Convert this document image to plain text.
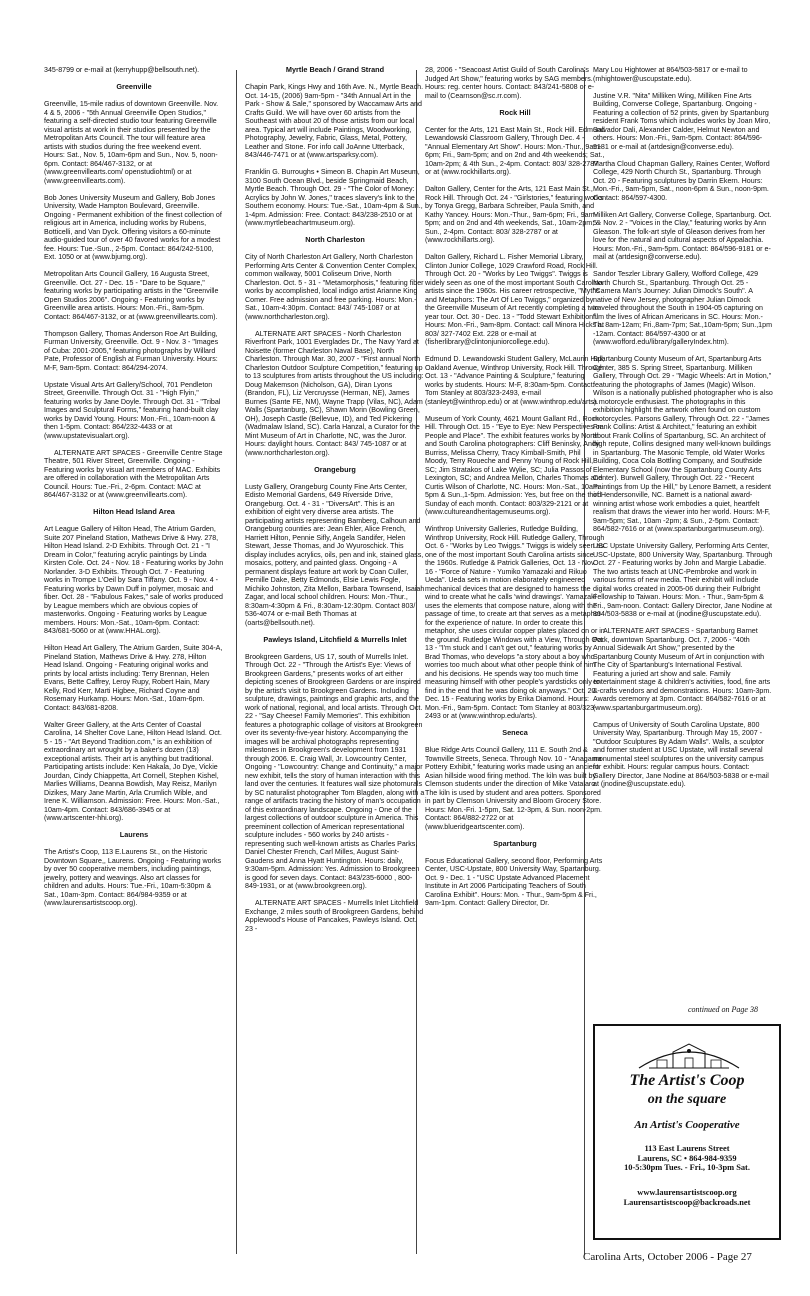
345-8799 or e-mail at (kerryhupp@bellsouth.net).

Greenville

Greenville, 15-mile radius of downtown Greenville. Nov. 4 & 5, 2006 - "5th Annual Greenville Open Studios," featuring a self-directed studio tour featuring Greenville visual artists at work in their studios presented by the Metropolitan Arts Council. The tour will feature area artists with studios during the free weekend event. Hours: Sat., Nov. 5, 10am-6pm and Sun., Nov. 5, noon-6pm. Contact: 864/467-3132, or at (www.greenvillearts.com/ openstudiohtml) or at (www.greenvillearts.com).

Bob Jones University Museum and Gallery, Bob Jones University, Wade Hampton Boulevard, Greenville. Ongoing - Permanent exhibition of the finest collection of religious art in America, including works by Rubens, Botticelli, and Van Dyck. Offering visitors a 60-minute audio-guided tour of over 40 favored works for a modest fee. Hours: Tue.-Sun., 2-5pm. Contact: 864/242-5100, Ext. 1050 or at (www.bjumg.org).

Metropolitan Arts Council Gallery, 16 Augusta Street, Greenville. Oct. 27 - Dec. 15 - "Dare to be Square," featuring works by participating artists in the "Greenville Open Studios 2006". Ongoing - Featuring works by Greenville area artists. Hours: Mon.-Fri., 8am-5pm. Contact: 864/467-3132, or at (www.greenvillearts.com).

Thompson Gallery, Thomas Anderson Roe Art Building, Furman University, Greenville. Oct. 9 - Nov. 3 - "Images of Cuba: 2001-2005," featuring photographs by Willard Pate, Professor of English at Furman University. Hours: M-F, 9am-5pm. Contact: 864/294-2074.

Upstate Visual Arts Art Gallery/School, 701 Pendleton Street, Greenville. Through Oct. 31 - "High Flyin," featuring works by Jane Doyle. Through Oct. 31 - "Tribal Images and Sculptural Forms," featuring hand-built clay works by David Young. Hours: Mon.-Fri., 10am-noon & then 1-5pm. Contact: 864/232-4433 or at (www.upstatevisualart.org).

ALTERNATE ART SPACES - Greenville Centre Stage Theatre, 501 River Street, Greenville. Ongoing - Featuring works by visual art members of MAC. Exhibits are offered in collaboration with the Metropolitan Arts Council. Hours: Tue.-Fri., 2-6pm. Contact: MAC at 864/467-3132 or at (www.greenvillearts.com).

Hilton Head Island Area

Art League Gallery of Hilton Head, The Atrium Garden, Suite 207 Pineland Station, Mathews Drive & Hwy. 278, Hilton Head Island. 2-D Exhibits. Through Oct. 21 - "I Dream in Color," featuring acrylic paintings by Linda Kirsten Cole. Oct. 24 - Nov. 18 - Featuring works by John Norlander. 3-D Exhibits. Through Oct. 7 - Featuring works in Trompe L'Oeil by Sara Tiffany. Oct. 9 - Nov. 4 - Featuring works by Dawn Duff in polymer, mosaic and fiber. Oct. 28 - "Fabulous Fakes," sale of works produced by League members which are obvious copies of masterworks. Ongoing - Featuring works by League members. Hours: Mon.-Sat., 10am-6pm. Contact: 843/681-5060 or at (www.HHAL.org).

Hilton Head Art Gallery, The Atrium Garden, Suite 304-A, Pineland Station, Mathews Drive & Hwy. 278, Hilton Head Island. Ongoing - Featuring original works and prints by local artists including: Terry Brennan, Helen Evans, Bette Caffrey, Leroy Rupy, Robert Hain, Mary Kelly, Rod Kerr, Marti Higbee, Richard Coyne and Rosemary Hurkamp. Hours: Mon.-Sat., 10am-6pm. Contact: 843/681-8208.

Walter Greer Gallery, at the Arts Center of Coastal Carolina, 14 Shelter Cove Lane, Hilton Head Island. Oct. 5 - 15 - "Art Beyond Tradition.com," is an exhibition of extraordinary art wrought by a baker's dozen (13) exceptional artists. Their art is anything but traditional. Participating artists include: Ken Hakala, Jo Dye, Vickie Jourdan, Cindy Chiappetta, Art Cornell, Stephen Kishel, Marlies Williams, Deanna Bowdish, May Reisz, Marilyn Dizikes, Mary Jane Martin, Arla Crumlich Wible, and Irene K. Williamson. Admission: Free. Hours: Mon.-Sat., 10am-4pm. Contact: 843/686-3945 or at (www.artscenter-hhi.org).

Laurens

The Artist's Coop, 113 E.Laurens St., on the Historic Downtown Square,, Laurens. Ongoing - Featuring works by over 50 cooperative members, including paintings, jewelry, pottery and weavings. Also art classes for children and adults. Hours: Tue.-Fri., 10am-5:30pm & Sat., 10am-3pm. Contact: 864/984-9359 or at (www.laurensartistscoop.org).

Myrtle Beach / Grand Strand

Chapin Park, Kings Hwy and 16th Ave. N., Myrtle Beach. Oct. 14-15, (2006) 9am-5pm - "34th Annual Art in the Park - Show & Sale," sponsored by Waccamaw Arts and Crafts Guild. We will have over 60 artists from the Southeast with about 20 of those artists from our local area. Typical art will include Paintings, Woodworking, Photography, Jewelry, Fabric, Glass, Metal, Pottery, Leather and Stone. For info call JoAnne Utterback, 843/446-7471 or at (www.artsparksy.com).

Franklin G. Burroughs • Simeon B. Chapin Art Museum, 3100 South Ocean Blvd., beside Springmaid Beach, Myrtle Beach. Through Oct. 29 - "The Color of Money: Acrylics by John W. Jones," traces slavery's link to the Southern economy. Hours: Tue.-Sat., 10am-4pm & Sun., 1-4pm. Admission: Free. Contact: 843/238-2510 or at (www.myrtlebeachartmuseum.org).

North Charleston

City of North Charleston Art Gallery, North Charleston Performing Arts Center & Convention Center Complex, common walkway, 5001 Coliseum Drive, North Charleston. Oct. 5 - 31 - "Metamorphosis," featuring fiber works by accomplished, local indigo artist Arianne King Comer. Free admission and free parking. Hours: Mon.-Sat., 10am-4:30pm. Contact: 843/ 745-1087 or at (www.northcharleston.org).

ALTERNATE ART SPACES - North Charleston Riverfront Park, 1001 Everglades Dr., The Navy Yard at Noisette (former Charleston Naval Base), North Charleston. Through Mar. 30, 2007 - "First annual North Charleston Outdoor Sculpture Competition," featuring up to 13 sculptures from artists throughout the US including: Doug Makemson (Nicholson, GA), Diran Lyons (Brandon, FL), Liz Vercruysse (Herman, NE), James Burnes (Sante FE, NM), Wayne Trapp (Vilas, NC), Adam Walls (Spartanburg, SC), Shawn Morin (Bowling Green, OH), Joseph Castle (Bellevue, ID), and Ted Pickering (Wadmalaw Island, SC). Carla Hanzal, a Curator for the Mint Museum of Art in Charlotte, NC, was the Juror. Hours: daylight hours. Contact: 843/ 745-1087 or at (www.northcharleston.org).

Orangeburg

Lusty Gallery, Orangeburg County Fine Arts Center, Edisto Memorial Gardens, 649 Riverside Drive, Orangeburg. Oct. 4 - 31 - "DiversArt". This is an exhibition of eight very diverse area artists. The participating artists representing Bamberg, Calhoun and Orangeburg counties are: Jean Ehler, Alice French, Harriett Hilton, Pennie Sifly, Angela Sandifer, Helen Stewart, Jesse Thomas, and Jo Wyuroschick. This display includes acrylics, oils, pen and ink, stained glass, mosaics, pottery, and painted glass. Ongoing - A permanent displays feature art work by Coan Culler, Pernille Dake, Betty Edmonds, Elsie Lewis Fogle, Michiko Johnston, Zita Mellon, Barbara Townsend, Isaiah Zagar, and local school children. Hours: Mon.-Thur., 8:30am-4:30pm & Fri., 8:30am-12:30pm. Contact 803/ 536-4074 or e-mail Beth Thomas at (oarts@bellsouth.net).

Pawleys Island, Litchfield & Murrells Inlet

Brookgreen Gardens, US 17, south of Murrells Inlet. Through Oct. 22 - "Through the Artist's Eye: Views of Brookgreen Gardens," presents works of art either depicting scenes of Brookgreen Gardens or are inspired by the artist's visit to Brookgreen Gardens. Including sculpture, drawings, paintings and graphic arts, and the work of national, regional, and local artists. Through Oct. 22 - "Say Cheese! Family Memories". This exhibition features a photographic collage of visitors at Brookgreen over its seventy-five-year history. Accompanying the images will be archival photographs representing milestones in Brookgreen's development from 1931 through 2006. E. Craig Wall, Jr. Lowcountry Center, Ongoing - "Lowcountry: Change and Continuity," a major new exhibit, tells the story of human interaction with this land over the centuries. It features wall size photomurals by SC naturalist photographer Tom Blagden, along with a range of artifacts tracing the history of man's occupation of this extraordinary landscape. Ongoing - One of the largest collections of outdoor sculpture in America. This preeminent collection of American representational sculpture includes - 560 works by 240 artists - representing such well-known artists as Charles Parks, Daniel Chester French, Carl Milles, August Saint-Gaudens and Anna Hyatt Huntington. Hours: daily, 9:30am-5pm. Admission: Yes. Admission to Brookgreen is good for seven days. Contact: 843/235-6000 , 800-849-1931, or at (www.brookgreen.org).

ALTERNATE ART SPACES - Murrells Inlet Litchfield Exchange, 2 miles south of Brookgreen Gardens, behind Applewood's House of Pancakes, Pawleys Island. Oct. 23 -

28, 2006 - "Seacoast Artist Guild of South Carolina's Judged Art Show," featuring works by SAG members. Hours: reg. center hours. Contact: 843/241-5808 or e-mail to (Cearnson@sc.rr.com).

Rock Hill

Center for the Arts, 121 East Main St., Rock Hill. Edmund Lewandowski Classroom Gallery, Through Dec. 4 - "Annual Elementary Art Show". Hours: Mon.-Thur., 9am-6pm; Fri., 9am-5pm; and on 2nd and 4th weekends; Sat., 10am-2pm; & 4th Sun., 2-4pm. Contact: 803/ 328-2787 or at (www.rockhillarts.org).

Dalton Gallery, Center for the Arts, 121 East Main St., Rock Hill. Through Oct. 24 - "Girlstories," featuring works by Tonya Gregg, Barbara Schreiber, Paula Smith, and Kathy Yancey. Hours: Mon.-Thur., 9am-6pm; Fri., 9am-5pm; and on 2nd and 4th weekends, Sat., 10am-2pm; & Sun., 2-4pm. Contact: 803/ 328-2787 or at (www.rockhillarts.org).

Dalton Gallery, Richard L. Fisher Memorial Library, Clinton Junior College, 1029 Crawford Road, Rock Hill. Through Oct. 20 - "Works by Leo Twiggs". Twiggs is widely seen as one of the most important South Carolina artists since the 1960s. His career retrospective, "Myths and Metaphors: The Art Of Leo Twiggs," organized by the Greenville Museum of Art recently completing a two-year tour. Oct. 30 - Dec. 13 - "Todd Stewart Exhibition". Hours: Mon.-Fri., 9am-8pm. Contact: call Minora Hicks at 803/ 327-7402 Ext. 228 or e-mail at (fisherlibrary@clintonjuniorcollege.edu).

Edmund D. Lewandowski Student Gallery, McLaurin Hall, Oakland Avenue, Winthrop University, Rock Hill. Through Oct. 13 - "Advance Painting & Sculpture," featuring works by students. Hours: M-F, 8:30am-5pm. Contact: Tom Stanley at 803/323-2493, e-mail (stanleyt@winthrop.edu) or at (www.winthrop.edu/arts).

Museum of York County, 4621 Mount Gallant Rd., Rock Hill. Through Oct. 15 - "Eye to Eye: New Perspectives on People and Place". The exhibit features works by North and South Carolina photographers: Cliff Beninsky, Andy Burriss, Melissa Cherry, Tracy Kimball-Smith, Phil Moody, Terry Roueche and Penny Young of Rock Hill, SC; Jim Stratakos of Lake Wylie, SC; Julia Passos of Lexington, SC; and Andrea Mellon, Charles Thomas and Curtis Wilson of Charlotte, NC. Hours: Mon.-Sat., 10am-5pm & Sun.,1-5pm. Admission: Yes, but free on the third Sunday of each month. Contact: 803/329-2121 or at (www.cultureandheritagemuseums.org).

Winthrop University Galleries, Rutledge Building, Winthrop University, Rock Hill. Rutledge Gallery, Through Oct. 6 - "Works by Leo Twiggs." Twiggs is widely seen as one of the most important South Carolina artists since the 1960s. Rutledge & Patrick Galleries, Oct. 13 - Nov. 16 - "Force of Nature - Yumiko Yamazaki and Rikuo Ueda". Ueda sets in motion elaborately engineered mechanical devices that are designed to harness the wind to create what he calls 'wind drawings'. Yamazaki uses the elements that compose nature, along with the passage of time, to create art that serves as a metaphor for the experience of nature. In order to create this metaphor, she uses circular copper plates placed on or in the ground. Rutledge Windows with a View, Through Oct. 13 - "I'm stuck and I can't get out," featuring works by Brad Thomas, who develops "a story about a boy who worries too much about what other people think of him and his decisions. He spends way too much time measuring himself with other people's yardsticks only to find in the end that he was doing ok anyways." Oct. 20 - Dec. 15 - Featuring works by Erika Diamond. Hours: Mon.-Fri., 9am-5pm. Contact: Tom Stanley at 803/323-2493 or at (www.winthrop.edu/arts).

Seneca

Blue Ridge Arts Council Gallery, 111 E. South 2nd & Townville Streets, Seneca. Through Nov. 10 - "Anagama Pottery Exhibit," featuring works made using an ancient Asian hillside wood firing method. The kiln was built by Clemson students under the direction of Mike Vatalaro. The kiln is used by student and area potters. Sponsored in part by Clemson University and Bloom Grocery Store. Hours: Mon.-Fri. 1-5pm, Sat. 12-3pm, & Sun. noon-2pm. Contact: 864/882-2722 or at (www.blueridgeartscenter.com).

Spartanburg

Focus Educational Gallery, second floor, Performing Arts Center, USC-Upstate, 800 University Way, Spartanburg. Oct. 9 - Dec. 1 - "USC Upstate Advanced Placement Institute in Art 2006 Participating Teachers of South Carolina Exhibit". Hours: Mon. - Thur., 9am-5pm & Fri., 9am-1pm. Contact: Gallery Director, Dr.

Mary Lou Hightower at 864/503-5817 or e-mail to (mhightower@uscupstate.edu).

Justine V.R. "Nita" Milliken Wing, Milliken Fine Arts Building, Converse College, Spartanburg. Ongoing - Featuring a collection of 52 prints, given by Spartanburg resident Frank Toms which includes works by Joan Miro, Salvador Dali, Alexander Calder, Helmut Newton and others. Hours: Mon.-Fri., 9am-5pm. Contact: 864/596-9181 or e-mail at (artdesign@converse.edu).

Martha Cloud Chapman Gallery, Raines Center, Wofford College, 429 North Church St., Spartanburg. Through Oct. 20 - Featuring sculptures by Darrin Ekern. Hours: Mon.-Fri., 9am-5pm, Sat., noon-6pm & Sun., noon-9pm. Contact: 864/597-4300.

Milliken Art Gallery, Converse College, Spartanburg. Oct. 5 - Nov. 2 - "Voices in the Clay," featuring works by Ann Gleason. The folk-art style of Gleason derives from her love for the natural and cultural aspects of Appalachia. Hours: Mon.-Fri., 9am-5pm. Contact: 864/596-9181 or e-mail at (artdesign@converse.edu).

Sandor Teszler Library Gallery, Wofford College, 429 North Church St., Spartanburg. Through Oct. 25 - "Camera Man's Journey: Julian Dimock's South". A native of New Jersey, photographer Julian Dimock traveled throughout the South in 1904-05 capturing on film the lives of African Americans in SC. Hours: Mon.-Th. 8am-12am; Fri.,8am-7pm; Sat.,10am-5pm; Sun.,1pm -12am. Contact: 864/597-4300 or at (www.wofford.edu/library/galleryIndex.htm).

Spartanburg County Museum of Art, Spartanburg Arts Center, 385 S. Spring Street, Spartanburg. Milliken Gallery, Through Oct. 29 - "Magic Wheels: Art in Motion," featuring the photographs of James (Magic) Wilson. Wilson is a nationally published photographer who is also a motorcycle enthusiast. The photographs in this exhibition highlight the artwork often found on custom motorcycles. Parsons Gallery, Through Oct. 22 - "James Frank Collins: Artist & Architect," featuring an exhibit about Frank Collins of Spartanburg, SC. An architect of high repute, Collins designed many well-known buildings in Spartanburg. The Masonic Temple, old Water Works Building, Coca Cola Bottling Company, and Southside Elementary School (now the Spartanburg County Arts Center). Burwell Gallery, Through Oct. 22 - "Recent Paintings from Up the Hill," by Lenore Barnett, a resident of Hendersonville, NC. Barnett is a national award-winning artist whose work embodies a quiet, heartfelt realism that draws the viewer into her world. Hours: M-F, 9am-5pm; Sat., 10am -2pm; & Sun., 2-5pm. Contact: 864/582-7616 or at (www.spartanburgartmuseum.org).

USC Upstate University Gallery, Performing Arts Center, USC-Upstate, 800 University Way, Spartanburg. Through Oct. 27 - Featuring works by John and Margie Labadie. The two artists teach at UNC-Pembroke and work in various forms of new media. Their exhibit will include digital works created in 2005-06 during their Fulbright Fellowship to Taiwan. Hours: Mon. - Thur., 9am-5pm & Fri., 9am-noon. Contact: Gallery Director, Jane Nodine at 864/503-5838 or e-mail at (jnodine@uscupstate.edu).

ALTERNATE ART SPACES - Spartanburg Barnet Park, downtown Spartanburg. Oct. 7, 2006 - "40th Annual Sidewalk Art Show," presented by the Spartanburg County Museum of Art in conjunction with The City of Spartanburg's International Festival. Featuring a juried art show and sale. Family entertainment stage & children's activities, food, fine arts & crafts vendors and demonstrations. Hours: 10am-3pm. Awards ceremony at 3pm. Contact: 864/582-7616 or at (www.spartanburgartmuseum.org).

Campus of University of South Carolina Upstate, 800 University Way, Spartanburg. Through May 15, 2007 - "Outdoor Sculptures By Adam Walls". Walls, a sculptor and former student at USC Upstate, will install several monumental steel sculptures on the university campus for exhibit. Hours: regular campus hours. Contact: Gallery Director, Jane Nodine at 864/503-5838 or e-mail at (jnodine@uscupstate.edu).

continued on Page 38
The Artist's Coop
on the square
An Artist's Cooperative
113 East Laurens Street
Laurens, SC • 864-984-9359
10-5:30pm Tues. - Fri., 10-3pm Sat.
www.laurensartistscoop.org
Laurensartistscoop@backroads.net
Carolina Arts, October 2006 - Page 27
